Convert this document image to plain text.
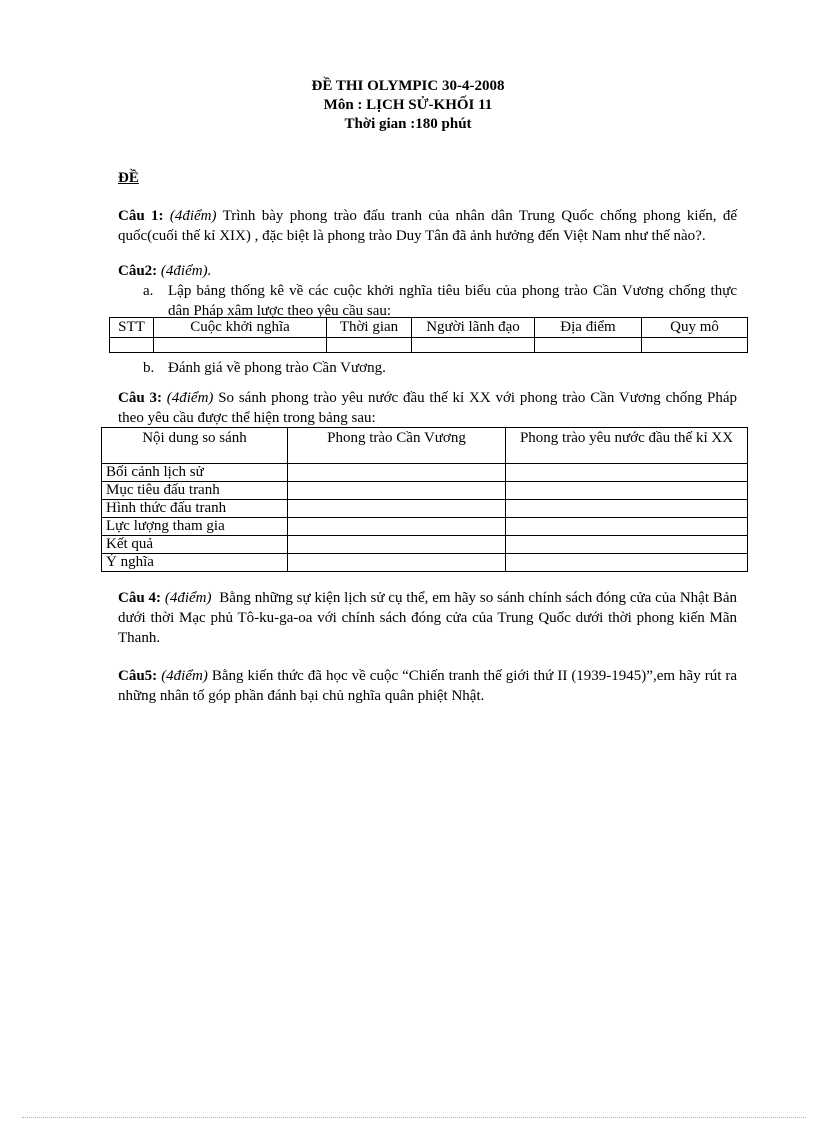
ĐỀ THI OLYMPIC 30-4-2008
Môn : LỊCH SỬ-KHỐI 11
Thời gian :180 phút
ĐỀ

Câu 1: (4điểm) Trình bày phong trào đấu tranh của nhân dân Trung Quốc chống phong kiến, đế quốc(cuối thế kỉ XIX) , đặc biệt là phong trào Duy Tân đã ảnh hưởng đến Việt Nam như thế nào?.

Câu2: (4điểm).

a. Lập bảng thống kê về các cuộc khởi nghĩa tiêu biểu của phong trào Cần Vương chống thực dân Pháp xâm lược theo yêu cầu sau:
STT	Cuộc khởi nghĩa	Thời gian	Người lãnh đạo	Địa điểm	Quy mô

b. Đánh giá về phong trào Cần Vương.

Câu 3: (4điểm) So sánh phong trào yêu nước đầu thế kỉ XX với phong trào Cần Vương chống Pháp theo yêu cầu được thể hiện trong bảng sau:

Nội dung so sánh	Phong trào Cần Vương	Phong trào yêu nước đầu thế kỉ XX
Bối cảnh lịch sử		
Mục tiêu đấu tranh		
Hình thức đấu tranh		
Lực lượng tham gia		
Kết quả		
Ý nghĩa		

Câu 4: (4điểm) Bằng những sự kiện lịch sử cụ thể, em hãy so sánh chính sách đóng cửa của Nhật Bản dưới thời Mạc phủ Tô-ku-ga-oa với chính sách đóng cửa của Trung Quốc dưới thời phong kiến Mãn Thanh.

Câu5: (4điểm) Bằng kiến thức đã học về cuộc “Chiến tranh thế giới thứ II (1939-1945)”,em hãy rút ra những nhân tố góp phần đánh bại chủ nghĩa quân phiệt Nhật.
